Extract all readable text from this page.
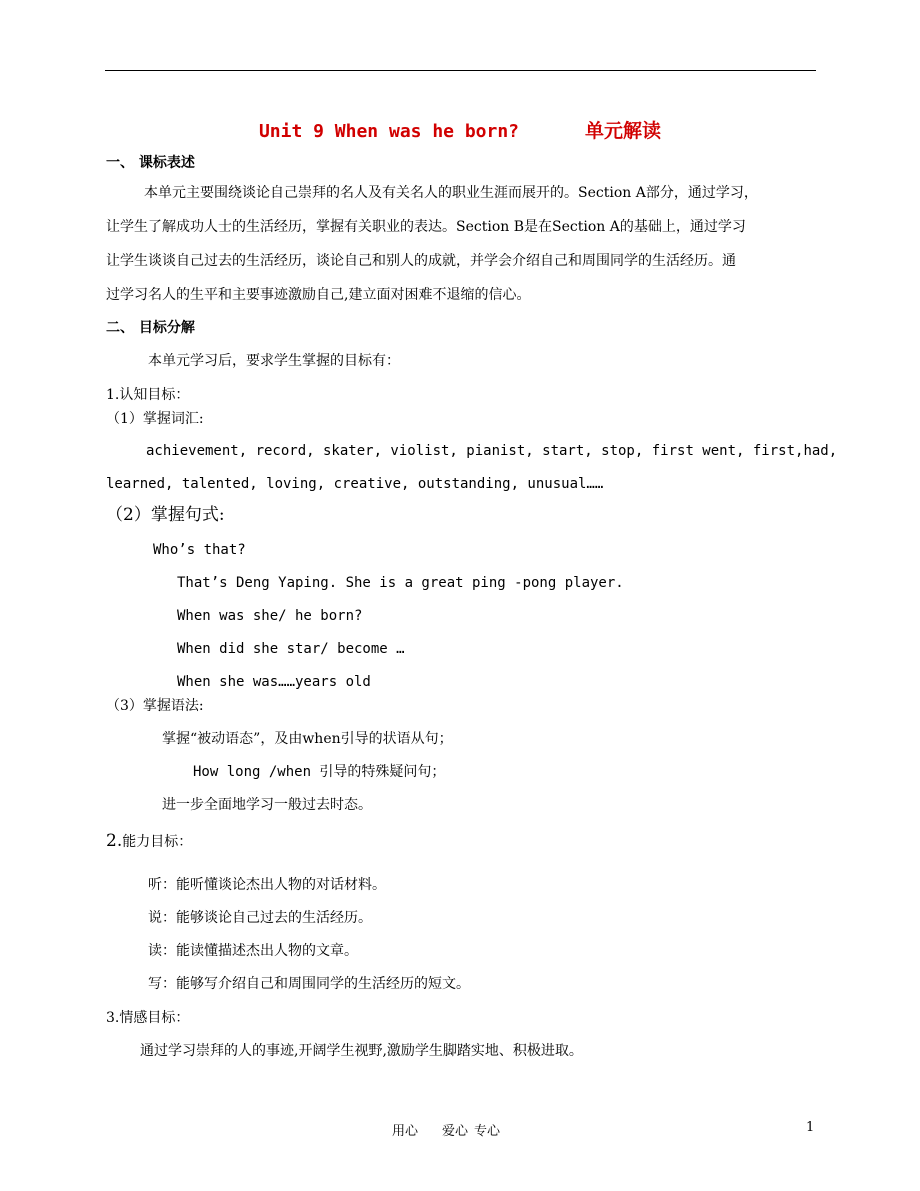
Unit 9 When was he born?	单元解读
一、 课标表述
本单元主要围绕谈论自己崇拜的名人及有关名人的职业生涯而展开的。Section A部分，通过学习，
让学生了解成功人士的生活经历，掌握有关职业的表达。Section B是在Section A的基础上，通过学习
让学生谈谈自己过去的生活经历，谈论自己和别人的成就，并学会介绍自己和周围同学的生活经历。通
过学习名人的生平和主要事迹激励自己,建立面对困难不退缩的信心。
二、 目标分解
本单元学习后，要求学生掌握的目标有：
1.认知目标：
（1）掌握词汇:
achievement, record, skater, violist, pianist, start, stop, first went, first,had,
learned, talented, loving, creative, outstanding, unusual……
（2）掌握句式:
Who’s that?
That’s Deng Yaping. She is a great ping -pong player.
When was she/ he born?
When did she star/ become …
When she was……years old
（3）掌握语法:
掌握“被动语态”，及由when引导的状语从句；
How long /when 引导的特殊疑问句；
进一步全面地学习一般过去时态。
2.能力目标：
听：能听懂谈论杰出人物的对话材料。
说：能够谈论自己过去的生活经历。
读：能读懂描述杰出人物的文章。
写：能够写介绍自己和周围同学的生活经历的短文。
3.情感目标：
通过学习崇拜的人的事迹,开阔学生视野,激励学生脚踏实地、积极进取。
用心 爱心 专心	1
